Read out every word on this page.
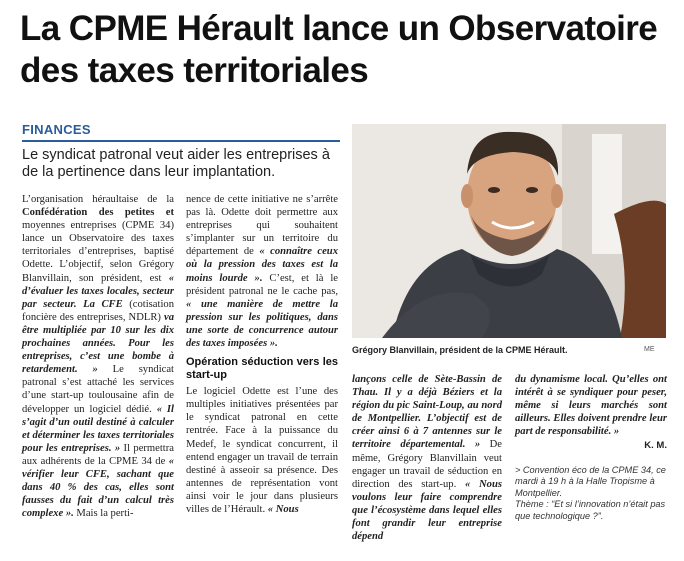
La CPME Hérault lance un Observatoire des taxes territoriales
FINANCES
Le syndicat patronal veut aider les entreprises à de la pertinence dans leur implantation.
Grégory Blanvillain, président de la CPME Hérault.	ME

L’organisation héraultaise de la Confédération des petites et moyennes entreprises (CPME 34) lance un Observatoire des taxes territoriales d’entreprises, baptisé Odette. L’objectif, selon Grégory Blanvillain, son président, est « d’évaluer les taxes locales, secteur par secteur. La CFE (cotisation foncière des entreprises, NDLR) va être multipliée par 10 sur les dix prochaines années. Pour les entreprises, c’est une bombe à retardement. » Le syndicat patronal s’est attaché les services d’une start-up toulousaine afin de développer un logiciel dédié. « Il s’agit d’un outil destiné à calculer et déterminer les taxes territoriales pour les entreprises. » Il permettra aux adhérents de la CPME 34 de « vérifier leur CFE, sachant que dans 40 % des cas, elles sont fausses du fait d’un calcul très complexe ». Mais la perti-

nence de cette initiative ne s’arrête pas là. Odette doit permettre aux entreprises qui souhaitent s’implanter sur un territoire du département de « connaître ceux où la pression des taxes est la moins lourde ». C’est, et là le président patronal ne le cache pas, « une manière de mettre la pression sur les politiques, dans une sorte de concurrence autour des taxes imposées ».

Opération séduction vers les start-up

Le logiciel Odette est l’une des multiples initiatives présentées par le syndicat patronal en cette rentrée. Face à la puissance du Medef, le syndicat concurrent, il entend engager un travail de terrain destiné à asseoir sa présence. Des antennes de représentation vont ainsi voir le jour dans plusieurs villes de l’Hérault. « Nous

lançons celle de Sète-Bassin de Thau. Il y a déjà Béziers et la région du pic Saint-Loup, au nord de Montpellier. L’objectif est de créer ainsi 6 à 7 antennes sur le territoire départemental. » De même, Grégory Blanvillain veut engager un travail de séduction en direction des start-up. « Nous voulons leur faire comprendre que l’écosystème dans lequel elles font grandir leur entreprise dépend

du dynamisme local. Qu’elles ont intérêt à se syndiquer pour peser, même si leurs marchés sont ailleurs. Elles doivent prendre leur part de responsabilité. »

K. M.
> Convention éco de la CPME 34, ce mardi à 19 h à la Halle Tropisme à Montpellier.
Thème : “Et si l’innovation n’était pas que technologique ?”.
